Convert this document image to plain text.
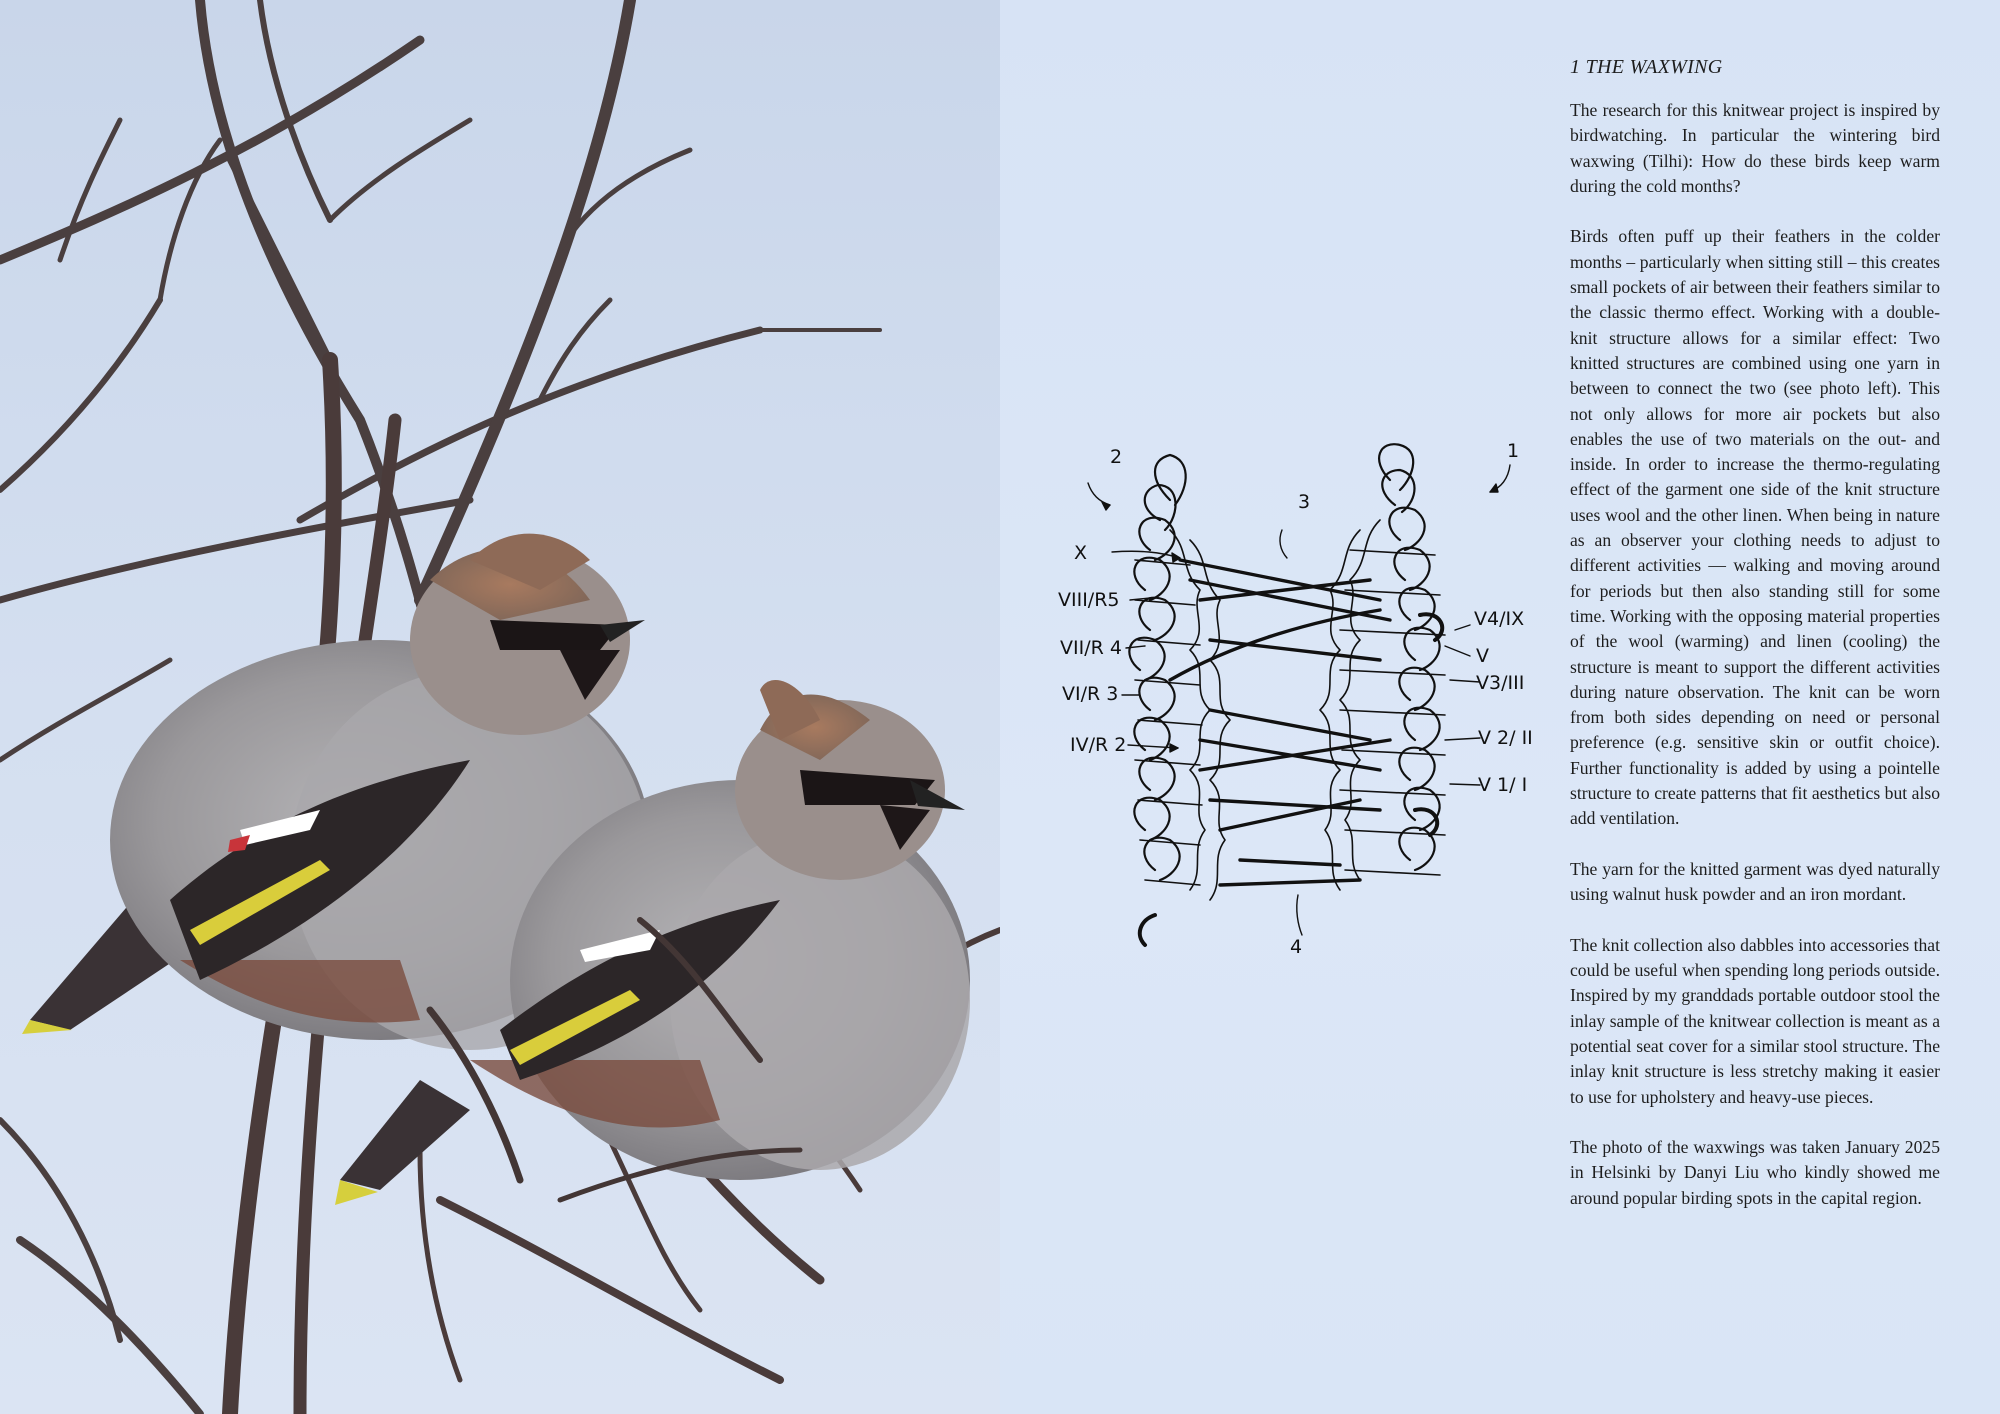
2	1
3
4
X
VIII/R5
VII/R 4
VI/R 3
IV/R 2
V4/IX
V
V3/III
V 2/ II
V 1/ I
1 THE WAXWING

The research for this knitwear project is inspired by birdwatching. In particular the wintering bird waxwing (Tilhi): How do these birds keep warm during the cold months?

Birds often puff up their feathers in the colder months – particularly when sitting still – this creates small pockets of air between their feathers similar to the classic thermo effect. Working with a double-knit structure allows for a similar effect: Two knitted structures are combined using one yarn in between to connect the two (see photo left). This not only allows for more air pockets but also enables the use of two materials on the out- and inside. In order to increase the thermo-regulating effect of the garment one side of the knit structure uses wool and the other linen. When being in nature as an observer your clothing needs to adjust to different activities — walking and moving around for periods but then also standing still for some time. Working with the opposing material properties of the wool (warming) and linen (cooling) the structure is meant to support the different activities during nature observation. The knit can be worn from both sides depending on need or personal preference (e.g. sensitive skin or outfit choice). Further functionality is added by using a pointelle structure to create patterns that fit aesthetics but also add ventilation.

The yarn for the knitted garment was dyed naturally using walnut husk powder and an iron mordant.

The knit collection also dabbles into accessories that could be useful when spending long periods outside. Inspired by my granddads portable outdoor stool the inlay sample of the knitwear collection is meant as a potential seat cover for a similar stool structure. The inlay knit structure is less stretchy making it easier to use for upholstery and heavy-use pieces.

The photo of the waxwings was taken January 2025 in Helsinki by Danyi Liu who kindly showed me around popular birding spots in the capital region.
